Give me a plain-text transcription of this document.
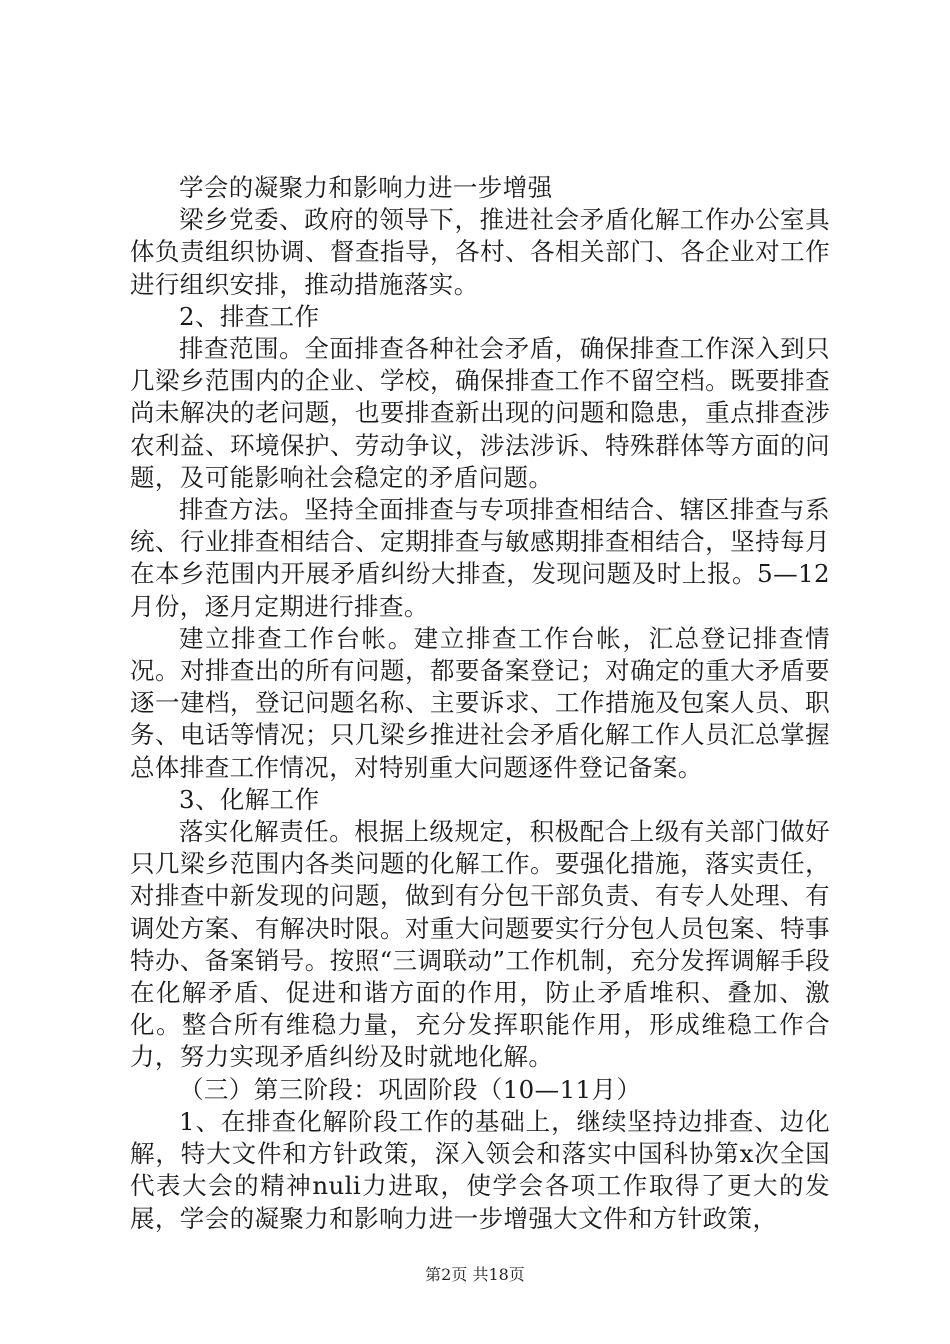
学会的凝聚力和影响力进一步增强

梁乡党委、政府的领导下，推进社会矛盾化解工作办公室具体负责组织协调、督查指导，各村、各相关部门、各企业对工作进行组织安排，推动措施落实。

2、排查工作

排查范围。全面排查各种社会矛盾，确保排查工作深入到只几梁乡范围内的企业、学校，确保排查工作不留空档。既要排查尚未解决的老问题，也要排查新出现的问题和隐患，重点排查涉农利益、环境保护、劳动争议，涉法涉诉、特殊群体等方面的问题，及可能影响社会稳定的矛盾问题。

排查方法。坚持全面排查与专项排查相结合、辖区排查与系统、行业排查相结合、定期排查与敏感期排查相结合，坚持每月在本乡范围内开展矛盾纠纷大排查，发现问题及时上报。5—12月份，逐月定期进行排查。

建立排查工作台帐。建立排查工作台帐，汇总登记排查情况。对排查出的所有问题，都要备案登记；对确定的重大矛盾要逐一建档，登记问题名称、主要诉求、工作措施及包案人员、职务、电话等情况；只几梁乡推进社会矛盾化解工作人员汇总掌握总体排查工作情况，对特别重大问题逐件登记备案。

3、化解工作

落实化解责任。根据上级规定，积极配合上级有关部门做好只几梁乡范围内各类问题的化解工作。要强化措施，落实责任，对排查中新发现的问题，做到有分包干部负责、有专人处理、有调处方案、有解决时限。对重大问题要实行分包人员包案、特事特办、备案销号。按照“三调联动”工作机制，充分发挥调解手段在化解矛盾、促进和谐方面的作用，防止矛盾堆积、叠加、激化。整合所有维稳力量，充分发挥职能作用，形成维稳工作合力，努力实现矛盾纠纷及时就地化解。

（三）第三阶段：巩固阶段（10—11月）

1、在排查化解阶段工作的基础上，继续坚持边排查、边化解，特大文件和方针政策，深入领会和落实中国科协第x次全国代表大会的精神nuli力进取，使学会各项工作取得了更大的发展，学会的凝聚力和影响力进一步增强大文件和方针政策，

第2页 共18页
